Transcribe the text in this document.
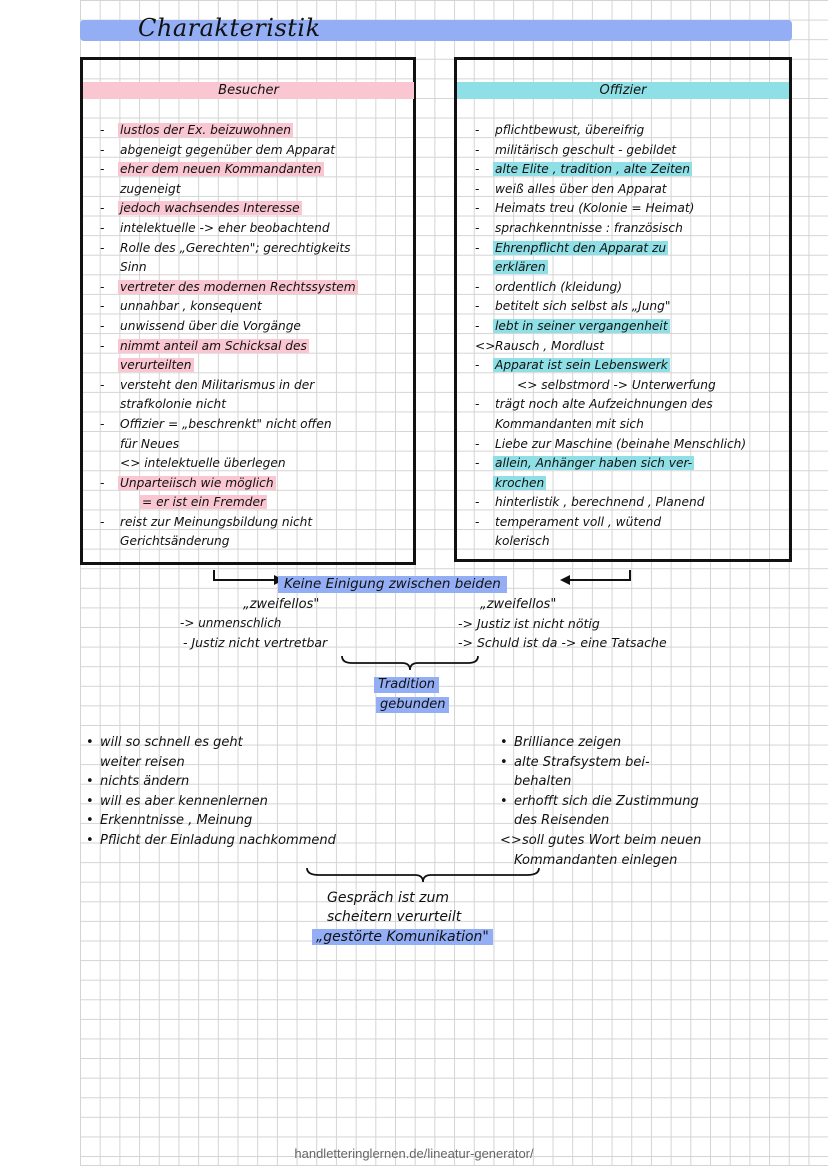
Charakteristik
Besucher
- lustlos der Ex. beizuwohnen
- abgeneigt gegenüber dem Apparat
- eher dem neuen Kommandanten
zugeneigt
- jedoch wachsendes Interesse
- intelektuelle -> eher beobachtend
- Rolle des „Gerechten"; gerechtigkeits
Sinn
- vertreter des modernen Rechtssystem
- unnahbar , konsequent
- unwissend über die Vorgänge
- nimmt anteil am Schicksal des
verurteilten
- versteht den Militarismus in der
strafkolonie nicht
- Offizier = „beschrenkt" nicht offen
für Neues
<> intelektuelle überlegen
- Unparteiisch wie möglich
= er ist ein Fremder
- reist zur Meinungsbildung nicht
Gerichtsänderung
Offizier
- pflichtbewust, übereifrig
- militärisch geschult - gebildet
- alte Elite , tradition , alte Zeiten
- weiß alles über den Apparat
- Heimats treu (Kolonie = Heimat)
- sprachkenntnisse : französisch
- Ehrenpflicht den Apparat zu
erklären
- ordentlich (kleidung)
- betitelt sich selbst als „Jung"
- lebt in seiner vergangenheit
<>Rausch , Mordlust
- Apparat ist sein Lebenswerk
<> selbstmord -> Unterwerfung
- trägt noch alte Aufzeichnungen des
Kommandanten mit sich
- Liebe zur Maschine (beinahe Menschlich)
- allein, Anhänger haben sich ver-
krochen
- hinterlistik , berechnend , Planend
- temperament voll , wütend
kolerisch
Keine Einigung zwischen beiden
„zweifellos"
-> unmenschlich
- Justiz nicht vertretbar
„zweifellos"
-> Justiz ist nicht nötig
-> Schuld ist da -> eine Tatsache
Tradition
gebunden
• will so schnell es geht
weiter reisen
• nichts ändern
• will es aber kennenlernen
• Erkenntnisse , Meinung
• Pflicht der Einladung nachkommend
• Brilliance zeigen
• alte Strafsystem bei-
behalten
• erhofft sich die Zustimmung
des Reisenden
<>soll gutes Wort beim neuen
Kommandanten einlegen
Gespräch ist zum
scheitern verurteilt
„gestörte Komunikation"
handletteringlernen.de/lineatur-generator/
